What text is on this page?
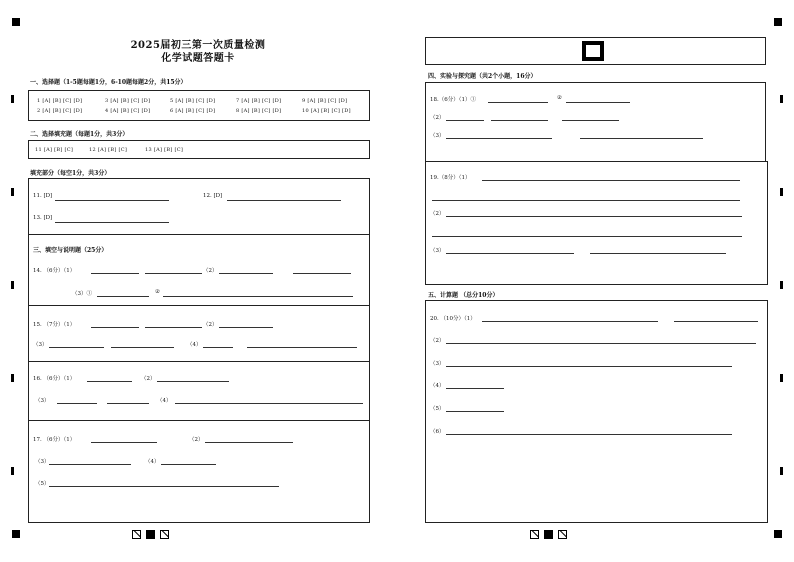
2025届初三第一次质量检测
化学试题答题卡
一、选择题（1-5题每题1分，6-10题每题2分，共15分）
1 [A] [B] [C] [D]	3 [A] [B] [C] [D]	5 [A] [B] [C] [D]	7 [A] [B] [C] [D]	9 [A] [B] [C] [D]
2 [A] [B] [C] [D]	4 [A] [B] [C] [D]	6 [A] [B] [C] [D]	8 [A] [B] [C] [D]	10 [A] [B] [C] [D]
二、选择填充题（每题1分，共3分）
11 [A] [B] [C]	12 [A] [B] [C]	13 [A] [B] [C]
填充部分（每空1分，共3分）
11. [D]	12. [D]
13. [D]
三、填空与说明题（25分）
14. （6分）（1）	（2）
（3）①	②
15. （7分）（1）	（2）
（3）	（4）
16. （6分）（1）	（2）
（3）	（4）
17. （6分）（1）	（2）
（3）	（4）
（5）
四、实验与探究题（共2个小题，16分）
18.（6分）（1）①	②
（2）
（3）
19.（8分）（1）
（2）
（3）
五、计算题 （总分10分）
20. （10分）（1）
（2）
（3）
（4）
（5）
（6）
